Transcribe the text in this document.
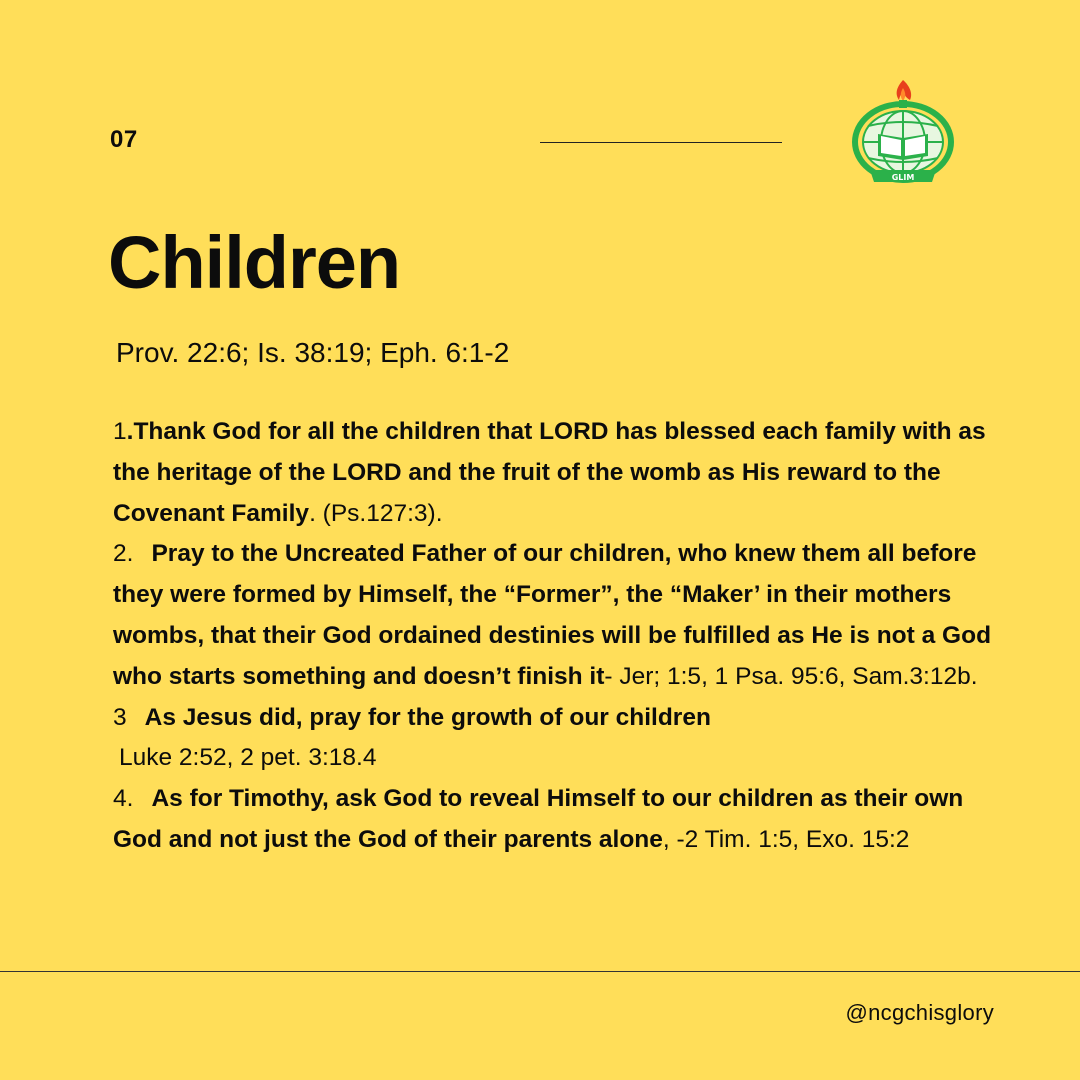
07
GLIM
Children
Prov. 22:6; Is. 38:19; Eph. 6:1-2

1.Thank God for all the children that LORD has blessed each family with as the heritage of the LORD and the fruit of the womb as His reward to the Covenant Family. (Ps.127:3).

2. Pray to the Uncreated Father of our children, who knew them all before they were formed by Himself, the “Former”, the “Maker’ in their mothers wombs, that their God ordained destinies will be fulfilled as He is not a God who starts something and doesn’t finish it- Jer; 1:5, 1 Psa. 95:6, Sam.3:12b.

3 As Jesus did, pray for the growth of our children
Luke 2:52, 2 pet. 3:18.4

4. As for Timothy, ask God to reveal Himself to our children as their own God and not just the God of their parents alone, -2 Tim. 1:5, Exo. 15:2

@ncgchisglory
